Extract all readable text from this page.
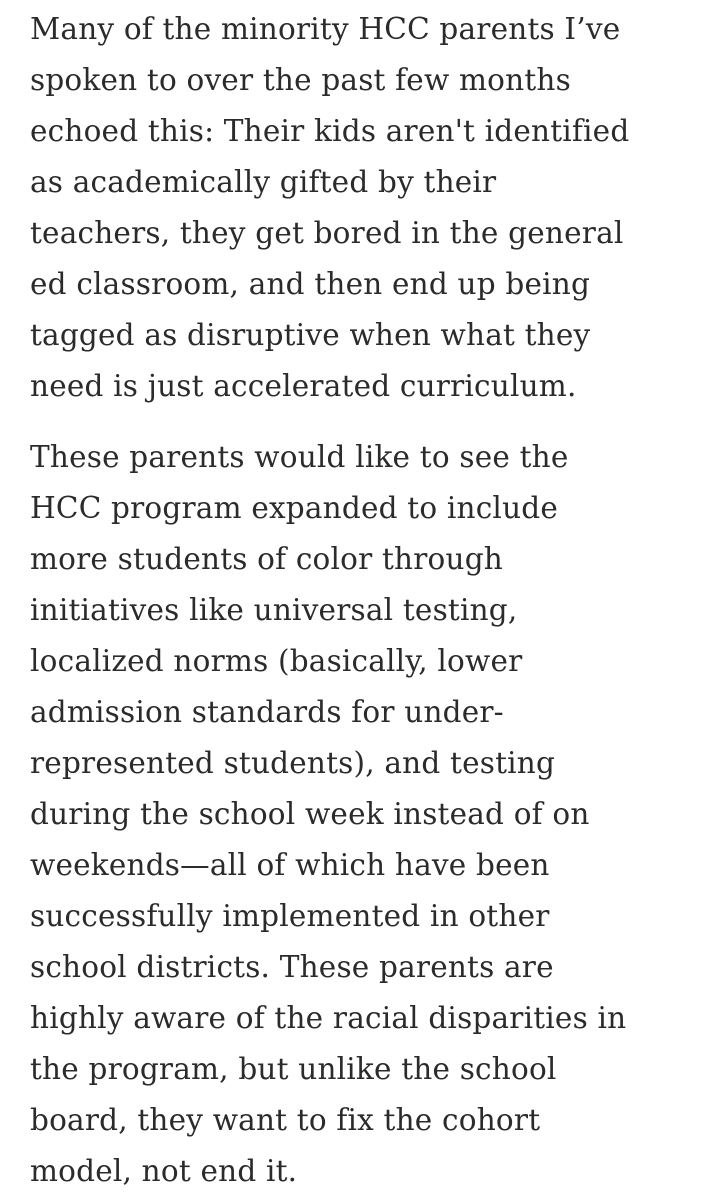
Many of the minority HCC parents I’ve
spoken to over the past few months
echoed this: Their kids aren't identified
as academically gifted by their
teachers, they get bored in the general
ed classroom, and then end up being
tagged as disruptive when what they
need is just accelerated curriculum.

These parents would like to see the
HCC program expanded to include
more students of color through
initiatives like universal testing,
localized norms (basically, lower
admission standards for under-
represented students), and testing
during the school week instead of on
weekends—all of which have been
successfully implemented in other
school districts. These parents are
highly aware of the racial disparities in
the program, but unlike the school
board, they want to fix the cohort
model, not end it.
